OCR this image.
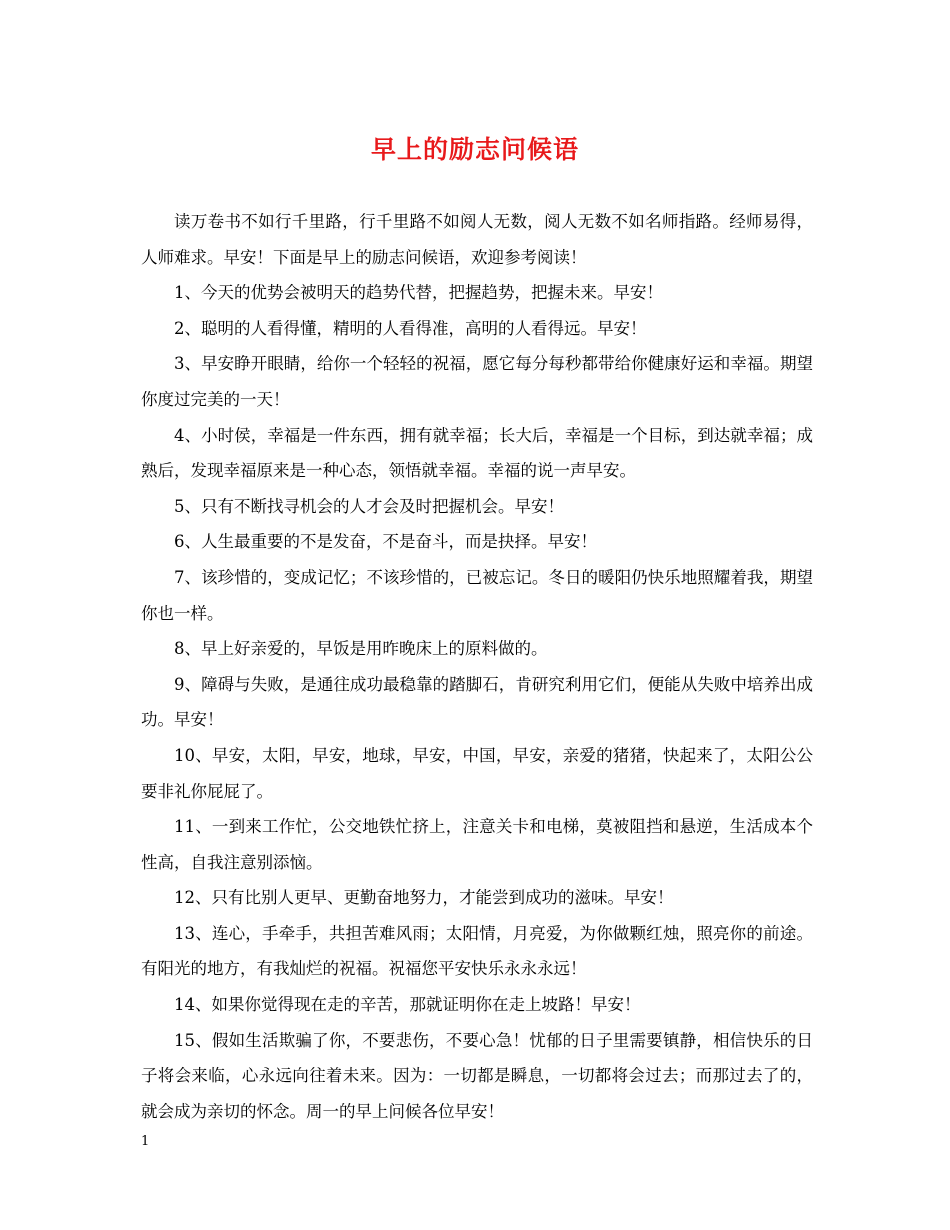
早上的励志问候语

读万卷书不如行千里路，行千里路不如阅人无数，阅人无数不如名师指路。经师易得，人师难求。早安！下面是早上的励志问候语，欢迎参考阅读！

1、今天的优势会被明天的趋势代替，把握趋势，把握未来。早安！

2、聪明的人看得懂，精明的人看得准，高明的人看得远。早安！

3、早安睁开眼睛，给你一个轻轻的祝福，愿它每分每秒都带给你健康好运和幸福。期望你度过完美的一天！

4、小时侯，幸福是一件东西，拥有就幸福；长大后，幸福是一个目标，到达就幸福；成熟后，发现幸福原来是一种心态，领悟就幸福。幸福的说一声早安。

5、只有不断找寻机会的人才会及时把握机会。早安！

6、人生最重要的不是发奋，不是奋斗，而是抉择。早安！

7、该珍惜的，变成记忆；不该珍惜的，已被忘记。冬日的暖阳仍快乐地照耀着我，期望你也一样。

8、早上好亲爱的，早饭是用昨晚床上的原料做的。

9、障碍与失败，是通往成功最稳靠的踏脚石，肯研究利用它们，便能从失败中培养出成功。早安！

10、早安，太阳，早安，地球，早安，中国，早安，亲爱的猪猪，快起来了，太阳公公要非礼你屁屁了。

11、一到来工作忙，公交地铁忙挤上，注意关卡和电梯，莫被阻挡和悬逆，生活成本个性高，自我注意别添恼。

12、只有比别人更早、更勤奋地努力，才能尝到成功的滋味。早安！

13、连心，手牵手，共担苦难风雨；太阳情，月亮爱，为你做颗红烛，照亮你的前途。有阳光的地方，有我灿烂的祝福。祝福您平安快乐永永永远！

14、如果你觉得现在走的辛苦，那就证明你在走上坡路！早安！

15、假如生活欺骗了你，不要悲伤，不要心急！忧郁的日子里需要镇静，相信快乐的日子将会来临，心永远向往着未来。因为：一切都是瞬息，一切都将会过去；而那过去了的，就会成为亲切的怀念。周一的早上问候各位早安！

1
